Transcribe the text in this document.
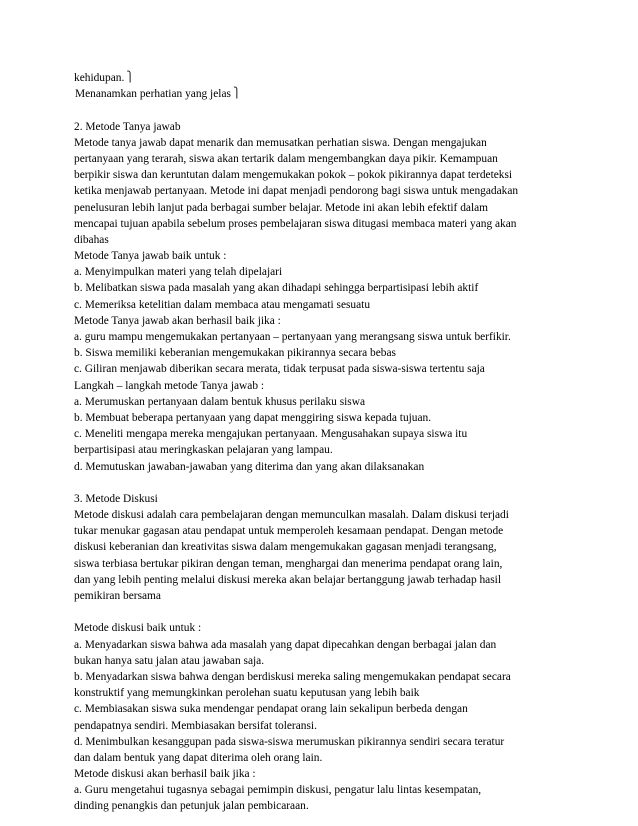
kehidupan. ⎫
Menanamkan perhatian yang jelas ⎫
2. Metode Tanya jawab
Metode tanya jawab dapat menarik dan memusatkan perhatian siswa. Dengan mengajukan
pertanyaan yang terarah, siswa akan tertarik dalam mengembangkan daya pikir. Kemampuan
berpikir siswa dan keruntutan dalam mengemukakan pokok – pokok pikirannya dapat terdeteksi
ketika menjawab pertanyaan. Metode ini dapat menjadi pendorong bagi siswa untuk mengadakan
penelusuran lebih lanjut pada berbagai sumber belajar. Metode ini akan lebih efektif dalam
mencapai tujuan apabila sebelum proses pembelajaran siswa ditugasi membaca materi yang akan
dibahas
Metode Tanya jawab baik untuk :
a. Menyimpulkan materi yang telah dipelajari
b. Melibatkan siswa pada masalah yang akan dihadapi sehingga berpartisipasi lebih aktif
c. Memeriksa ketelitian dalam membaca atau mengamati sesuatu
Metode Tanya jawab akan berhasil baik jika :
a. guru mampu mengemukakan pertanyaan – pertanyaan yang merangsang siswa untuk berfikir.
b. Siswa memiliki keberanian mengemukakan pikirannya secara bebas
c. Giliran menjawab diberikan secara merata, tidak terpusat pada siswa-siswa tertentu saja
Langkah – langkah metode Tanya jawab :
a. Merumuskan pertanyaan dalam bentuk khusus perilaku siswa
b. Membuat beberapa pertanyaan yang dapat menggiring siswa kepada tujuan.
c. Meneliti mengapa mereka mengajukan pertanyaan. Mengusahakan supaya siswa itu
berpartisipasi atau meringkaskan pelajaran yang lampau.
d. Memutuskan jawaban-jawaban yang diterima dan yang akan dilaksanakan
3. Metode Diskusi
Metode diskusi adalah cara pembelajaran dengan memunculkan masalah. Dalam diskusi terjadi
tukar menukar gagasan atau pendapat untuk memperoleh kesamaan pendapat. Dengan metode
diskusi keberanian dan kreativitas siswa dalam mengemukakan gagasan menjadi terangsang,
siswa terbiasa bertukar pikiran dengan teman, menghargai dan menerima pendapat orang lain,
dan yang lebih penting melalui diskusi mereka akan belajar bertanggung jawab terhadap hasil
pemikiran bersama
Metode diskusi baik untuk :
a. Menyadarkan siswa bahwa ada masalah yang dapat dipecahkan dengan berbagai jalan dan
bukan hanya satu jalan atau jawaban saja.
b. Menyadarkan siswa bahwa dengan berdiskusi mereka saling mengemukakan pendapat secara
konstruktif yang memungkinkan perolehan suatu keputusan yang lebih baik
c. Membiasakan siswa suka mendengar pendapat orang lain sekalipun berbeda dengan
pendapatnya sendiri. Membiasakan bersifat toleransi.
d. Menimbulkan kesanggupan pada siswa-siswa merumuskan pikirannya sendiri secara teratur
dan dalam bentuk yang dapat diterima oleh orang lain.
Metode diskusi akan berhasil baik jika :
a. Guru mengetahui tugasnya sebagai pemimpin diskusi, pengatur lalu lintas kesempatan,
dinding penangkis dan petunjuk jalan pembicaraan.
